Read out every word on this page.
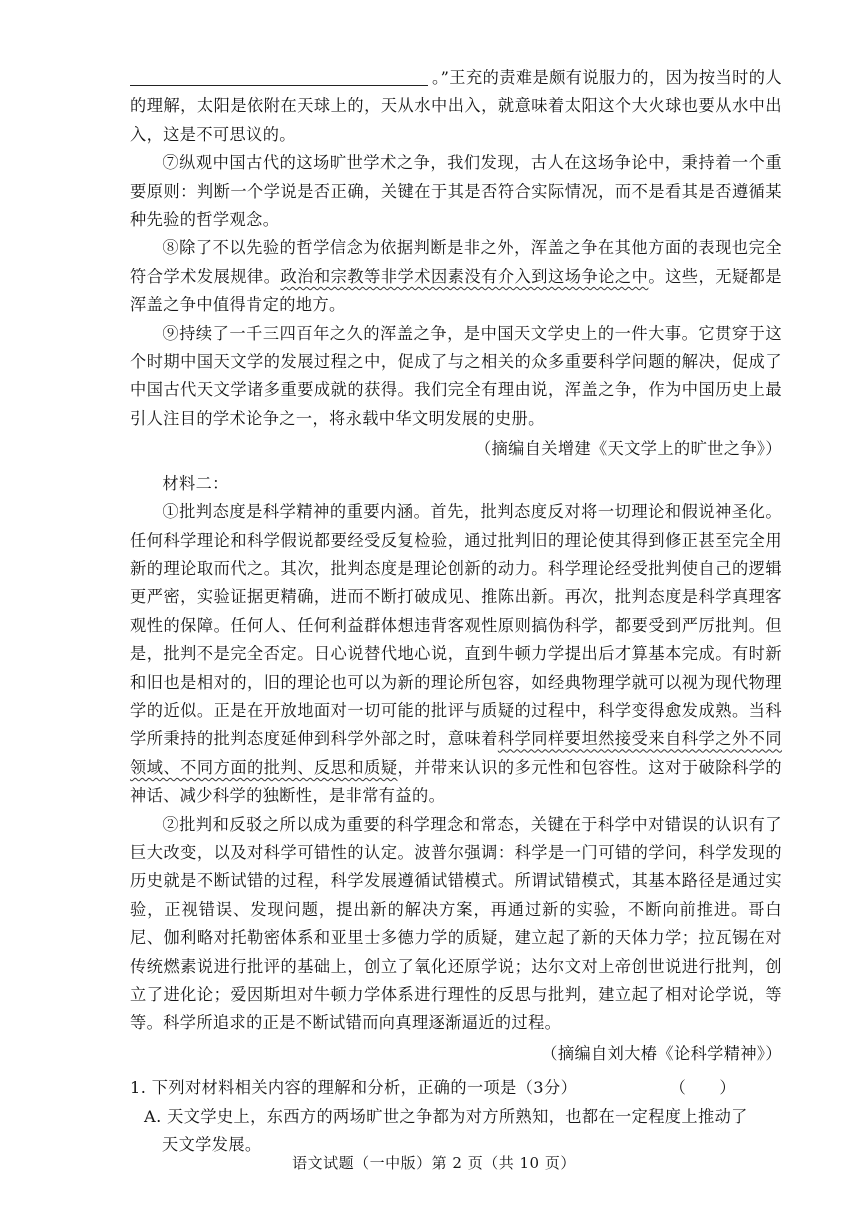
。”王充的责难是颇有说服力的，因为按当时的人的理解，太阳是依附在天球上的，天从水中出入，就意味着太阳这个大火球也要从水中出入，这是不可思议的。

⑦纵观中国古代的这场旷世学术之争，我们发现，古人在这场争论中，秉持着一个重要原则：判断一个学说是否正确，关键在于其是否符合实际情况，而不是看其是否遵循某种先验的哲学观念。

⑧除了不以先验的哲学信念为依据判断是非之外，浑盖之争在其他方面的表现也完全符合学术发展规律。政治和宗教等非学术因素没有介入到这场争论之中。这些，无疑都是浑盖之争中值得肯定的地方。

⑨持续了一千三四百年之久的浑盖之争，是中国天文学史上的一件大事。它贯穿于这个时期中国天文学的发展过程之中，促成了与之相关的众多重要科学问题的解决，促成了中国古代天文学诸多重要成就的获得。我们完全有理由说，浑盖之争，作为中国历史上最引人注目的学术论争之一，将永载中华文明发展的史册。

（摘编自关增建《天文学上的旷世之争》）

材料二：

①批判态度是科学精神的重要内涵。首先，批判态度反对将一切理论和假说神圣化。任何科学理论和科学假说都要经受反复检验，通过批判旧的理论使其得到修正甚至完全用新的理论取而代之。其次，批判态度是理论创新的动力。科学理论经受批判使自己的逻辑更严密，实验证据更精确，进而不断打破成见、推陈出新。再次，批判态度是科学真理客观性的保障。任何人、任何利益群体想违背客观性原则搞伪科学，都要受到严厉批判。但是，批判不是完全否定。日心说替代地心说，直到牛顿力学提出后才算基本完成。有时新和旧也是相对的，旧的理论也可以为新的理论所包容，如经典物理学就可以视为现代物理学的近似。正是在开放地面对一切可能的批评与质疑的过程中，科学变得愈发成熟。当科学所秉持的批判态度延伸到科学外部之时，意味着科学同样要坦然接受来自科学之外不同领域、不同方面的批判、反思和质疑，并带来认识的多元性和包容性。这对于破除科学的神话、减少科学的独断性，是非常有益的。

②批判和反驳之所以成为重要的科学理念和常态，关键在于科学中对错误的认识有了巨大改变，以及对科学可错性的认定。波普尔强调：科学是一门可错的学问，科学发现的历史就是不断试错的过程，科学发展遵循试错模式。所谓试错模式，其基本路径是通过实验，正视错误、发现问题，提出新的解决方案，再通过新的实验，不断向前推进。哥白尼、伽利略对托勒密体系和亚里士多德力学的质疑，建立起了新的天体力学；拉瓦锡在对传统燃素说进行批评的基础上，创立了氧化还原学说；达尔文对上帝创世说进行批判，创立了进化论；爱因斯坦对牛顿力学体系进行理性的反思与批判，建立起了相对论学说，等等。科学所追求的正是不断试错而向真理逐渐逼近的过程。

（摘编自刘大椿《论科学精神》）

1. 下列对材料相关内容的理解和分析，正确的一项是（3分）	（　　）
A. 天文学史上，东西方的两场旷世之争都为对方所熟知，也都在一定程度上推动了
天文学发展。
语文试题（一中版）第 2 页（共 10 页）
